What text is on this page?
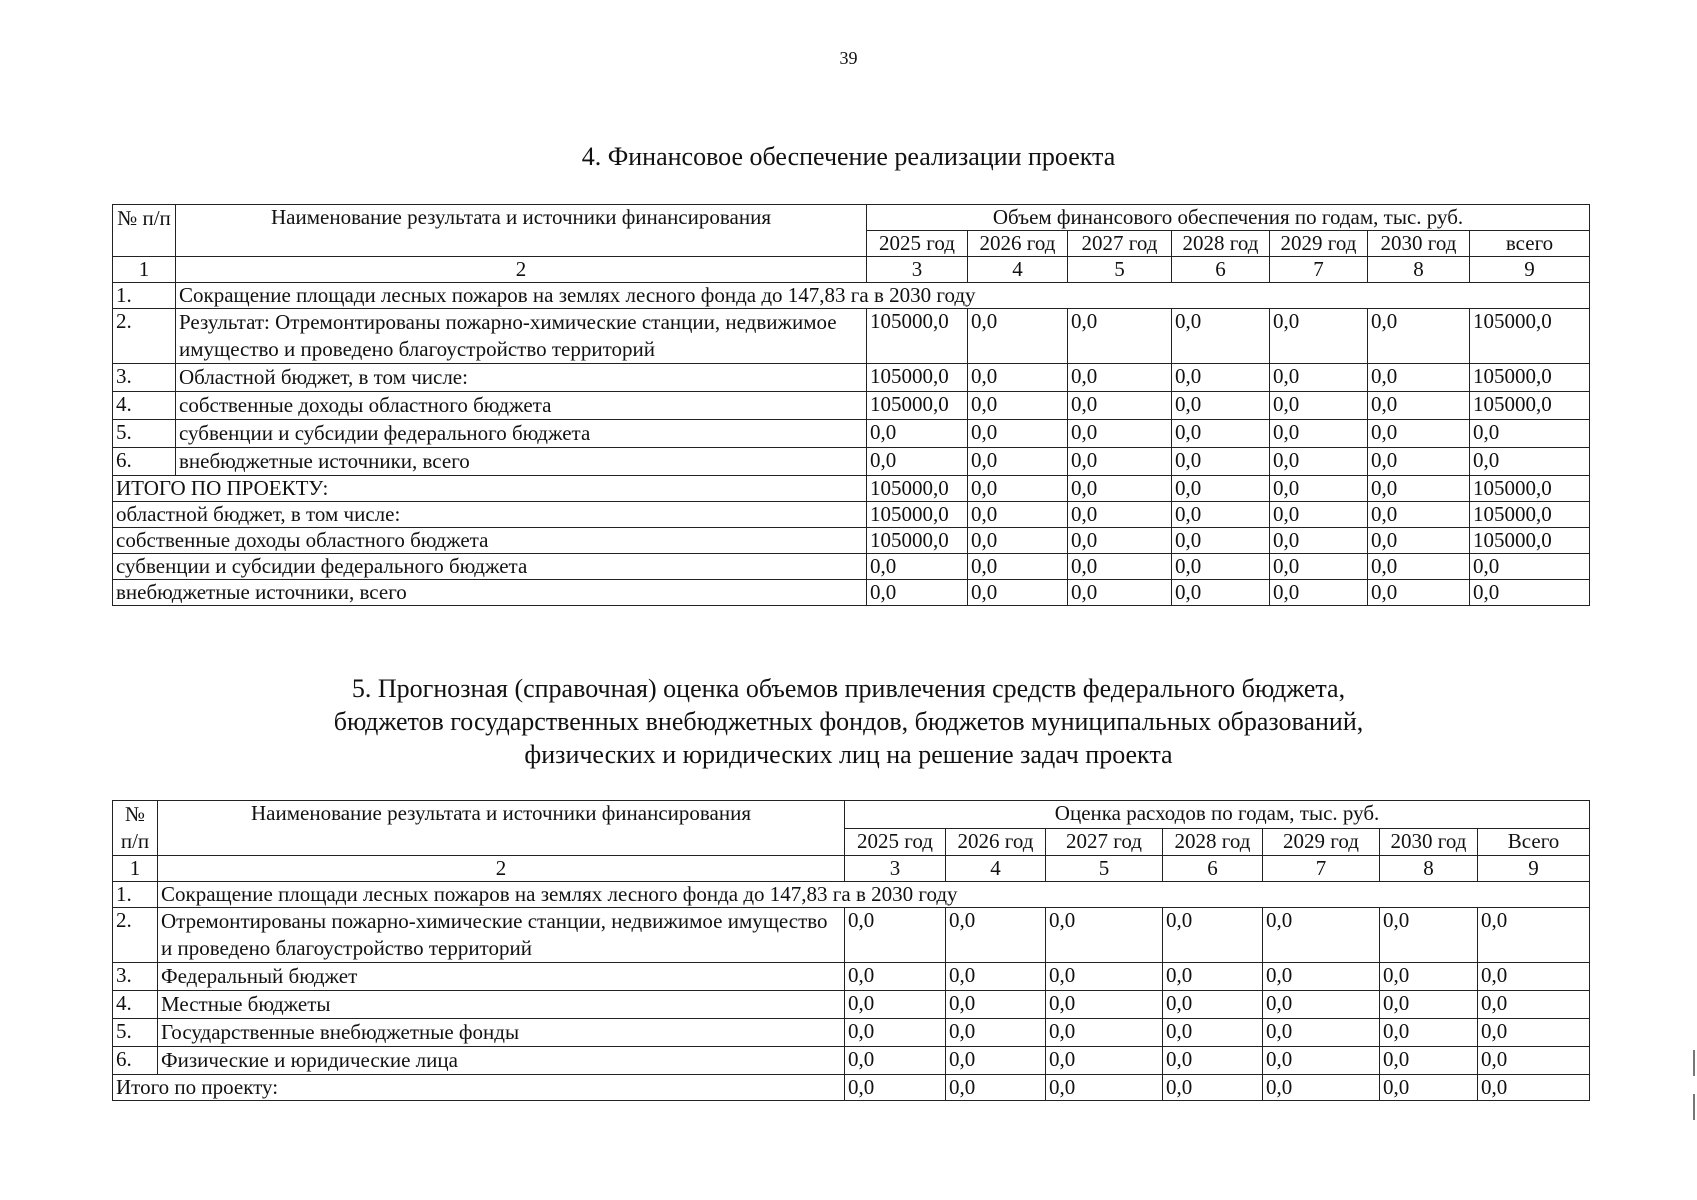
39
4. Финансовое обеспечение реализации проекта
№ п/п	Наименование результата и источники финансирования	Объем финансового обеспечения по годам, тыс. руб.						
		2025 год	2026 год	2027 год	2028 год	2029 год	2030 год	всего
1	2	3	4	5	6	7	8	9
1.	Сокращение площади лесных пожаров на землях лесного фонда до 147,83 га в 2030 году							
2.	Результат: Отремонтированы пожарно-химические станции, недвижимое имущество и проведено благоустройство территорий	105000,0	0,0	0,0	0,0	0,0	0,0	105000,0
3.	Областной бюджет, в том числе:	105000,0	0,0	0,0	0,0	0,0	0,0	105000,0
4.	собственные доходы областного бюджета	105000,0	0,0	0,0	0,0	0,0	0,0	105000,0
5.	субвенции и субсидии федерального бюджета	0,0	0,0	0,0	0,0	0,0	0,0	0,0
6.	внебюджетные источники, всего	0,0	0,0	0,0	0,0	0,0	0,0	0,0
ИТОГО ПО ПРОЕКТУ:		105000,0	0,0	0,0	0,0	0,0	0,0	105000,0
областной бюджет, в том числе:		105000,0	0,0	0,0	0,0	0,0	0,0	105000,0
собственные доходы областного бюджета		105000,0	0,0	0,0	0,0	0,0	0,0	105000,0
субвенции и субсидии федерального бюджета		0,0	0,0	0,0	0,0	0,0	0,0	0,0
внебюджетные источники, всего		0,0	0,0	0,0	0,0	0,0	0,0	0,0
5. Прогнозная (справочная) оценка объемов привлечения средств федерального бюджета,
бюджетов государственных внебюджетных фондов, бюджетов муниципальных образований,
физических и юридических лиц на решение задач проекта
№ п/п	Наименование результата и источники финансирования	Оценка расходов по годам, тыс. руб.						
		2025 год	2026 год	2027 год	2028 год	2029 год	2030 год	Всего
1	2	3	4	5	6	7	8	9
1.	Сокращение площади лесных пожаров на землях лесного фонда до 147,83 га в 2030 году							
2.	Отремонтированы пожарно-химические станции, недвижимое имущество и проведено благоустройство территорий	0,0	0,0	0,0	0,0	0,0	0,0	0,0
3.	Федеральный бюджет	0,0	0,0	0,0	0,0	0,0	0,0	0,0
4.	Местные бюджеты	0,0	0,0	0,0	0,0	0,0	0,0	0,0
5.	Государственные внебюджетные фонды	0,0	0,0	0,0	0,0	0,0	0,0	0,0
6.	Физические и юридические лица	0,0	0,0	0,0	0,0	0,0	0,0	0,0
Итого по проекту:		0,0	0,0	0,0	0,0	0,0	0,0	0,0
